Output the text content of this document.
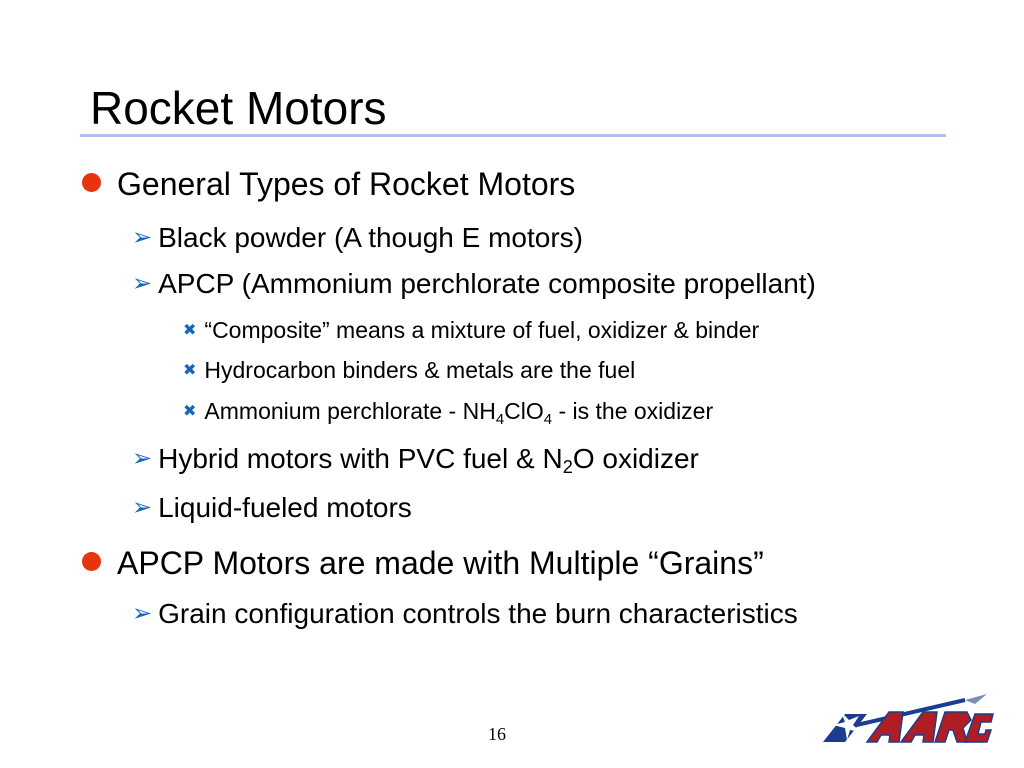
Rocket Motors
General Types of Rocket Motors
➢ Black powder (A though E motors)
➢ APCP (Ammonium perchlorate composite propellant)
✖ “Composite” means a mixture of fuel, oxidizer & binder
✖ Hydrocarbon binders & metals are the fuel
✖ Ammonium perchlorate - $NH_4ClO_4$ - is the oxidizer
➢ Hybrid motors with PVC fuel & $N_2O$ oxidizer
➢ Liquid-fueled motors
APCP Motors are made with Multiple “Grains”
➢ Grain configuration controls the burn characteristics
16
